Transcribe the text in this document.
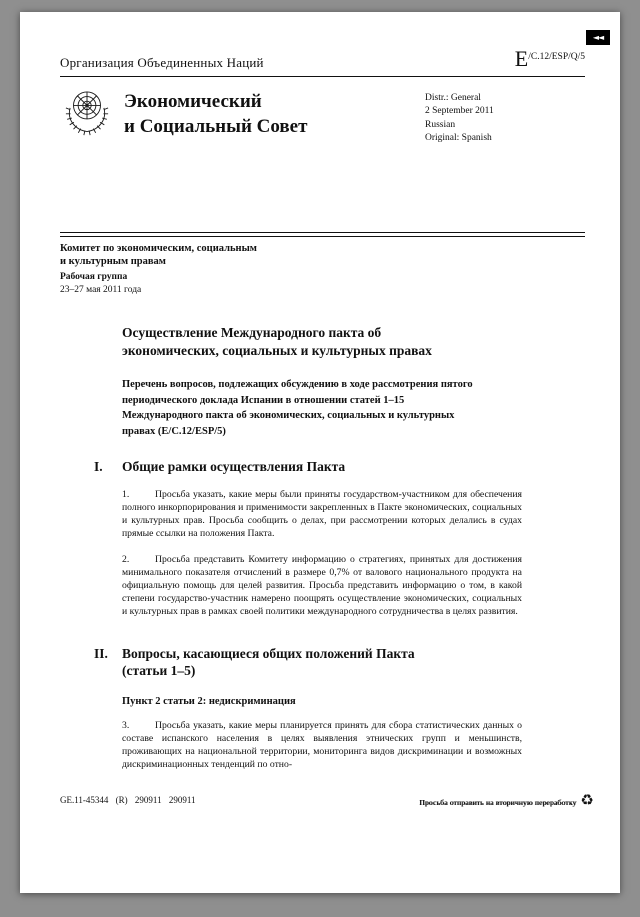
◄◄
Организация Объединенных Наций	$E^{/C.12/ESP/Q/5}$
Экономический
и Социальный Совет
Distr.: General
2 September 2011
Russian
Original: Spanish
Комитет по экономическим, социальным
и культурным правам
Рабочая группа
23–27 мая 2011 года
Осуществление Международного пакта об экономических, социальных и культурных правах
Перечень вопросов, подлежащих обсуждению в ходе рассмотрения пятого периодического доклада Испании в отношении статей 1–15 Международного пакта об экономических, социальных и культурных правах (E/C.12/ESP/5)
I.	Общие рамки осуществления Пакта
1.	Просьба указать, какие меры были приняты государством-участником для обеспечения полного инкорпорирования и применимости закрепленных в Пакте экономических, социальных и культурных прав. Просьба сообщить о делах, при рассмотрении которых делались в судах прямые ссылки на положения Пакта.
2.	Просьба представить Комитету информацию о стратегиях, принятых для достижения минимального показателя отчислений в размере 0,7% от валового национального продукта на официальную помощь для целей развития. Просьба представить информацию о том, в какой степени государство-участник намерено поощрять осуществление экономических, социальных и культурных прав в рамках своей политики международного сотрудничества в целях развития.
II.	Вопросы, касающиеся общих положений Пакта (статьи 1–5)
Пункт 2 статьи 2: недискриминация
3.	Просьба указать, какие меры планируется принять для сбора статистических данных о составе испанского населения в целях выявления этнических групп и меньшинств, проживающих на национальной территории, мониторинга видов дискриминации и возможных дискриминационных тенденций по отно-
GE.11-45344 (R) 290911 290911	Просьба отправить на вторичную переработку ♻
